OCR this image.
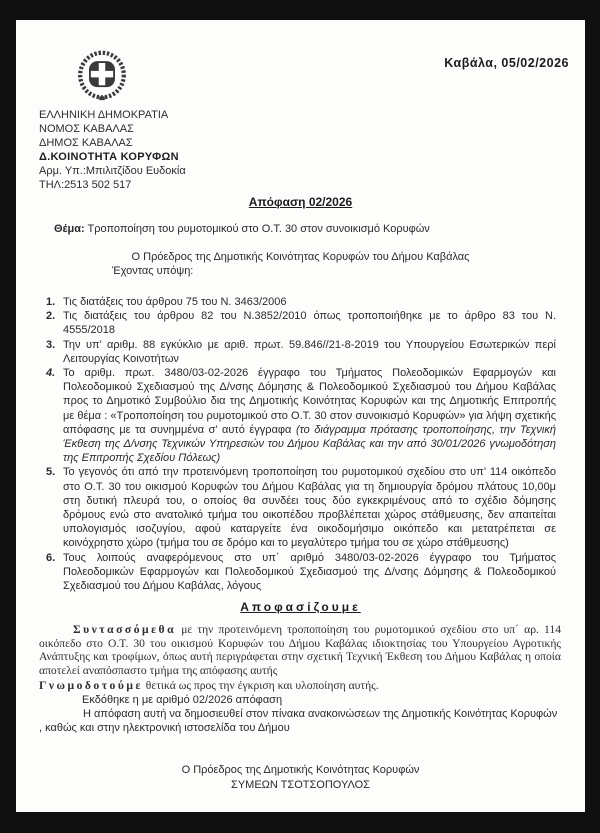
Καβάλα, 05/02/2026
ΕΛΛΗΝΙΚΗ ΔΗΜΟΚΡΑΤΙΑ
ΝΟΜΟΣ ΚΑΒΑΛΑΣ
ΔΗΜΟΣ ΚΑΒΑΛΑΣ
Δ.ΚΟΙΝΟΤΗΤΑ ΚΟΡΥΦΩΝ
Αρμ. Υπ.:Μπιλιτζίδου Ευδοκία
ΤΗΛ:2513 502 517
Απόφαση 02/2026
Θέμα: Τροποποίηση του ρυμοτομικού στο Ο.Τ. 30 στον συνοικισμό Κορυφών
Ο Πρόεδρος της Δημοτικής Κοινότητας Κορυφών του Δήμου Καβάλας
Έχοντας υπόψη:
1. Τις διατάξεις του άρθρου 75 του Ν. 3463/2006
2. Τις διατάξεις του άρθρου 82 του Ν.3852/2010 όπως τροποποιήθηκε με το άρθρο 83 του Ν. 4555/2018
3. Την υπ’ αριθμ. 88 εγκύκλιο με αριθ. πρωτ. 59.846//21-8-2019 του Υπουργείου Εσωτερικών περί Λειτουργίας Κοινοτήτων
4. Το αριθμ. πρωτ. 3480/03-02-2026 έγγραφο του Τμήματος Πολεοδομικών Εφαρμογών και Πολεοδομικού Σχεδιασμού της Δ/νσης Δόμησης & Πολεοδομικού Σχεδιασμού του Δήμου Καβάλας προς το Δημοτικό Συμβούλιο δια της Δημοτικής Κοινότητας Κορυφών και της Δημοτικής Επιτροπής με θέμα : «Τροποποίηση του ρυμοτομικού στο Ο.Τ. 30 στον συνοικισμό Κορυφών» για λήψη σχετικής απόφασης με τα συνημμένα σ’ αυτό έγγραφα (το διάγραμμα πρότασης τροποποίησης, την Τεχνική Έκθεση της Δ/νσης Τεχνικών Υπηρεσιών του Δήμου Καβάλας και την από 30/01/2026 γνωμοδότηση της Επιτροπής Σχεδίου Πόλεως)
5. Το γεγονός ότι από την προτεινόμενη τροποποίηση του ρυμοτομικού σχεδίου στο υπ’ 114 οικόπεδο στο Ο.Τ. 30 του οικισμού Κορυφών του Δήμου Καβάλας για τη δημιουργία δρόμου πλάτους 10,00μ στη δυτική πλευρά του, ο οποίος θα συνδέει τους δύο εγκεκριμένους από το σχέδιο δόμησης δρόμους ενώ στο ανατολικό τμήμα του οικοπέδου προβλέπεται χώρος στάθμευσης, δεν απαιτείται υπολογισμός ισοζυγίου, αφού καταργείτε ένα οικοδομήσιμο οικόπεδο και μετατρέπεται σε κοινόχρηστο χώρο (τμήμα του σε δρόμο και το μεγαλύτερο τμήμα του σε χώρο στάθμευσης)
6. Τους λοιπούς αναφερόμενους στο υπ΄ αριθμό 3480/03-02-2026 έγγραφο του Τμήματος Πολεοδομικών Εφαρμογών και Πολεοδομικού Σχεδιασμού της Δ/νσης Δόμησης & Πολεοδομικού Σχεδιασμού του Δήμου Καβάλας, λόγους
Αποφασίζουμε
Συντασσόμεθα με την προτεινόμενη τροποποίηση του ρυμοτομικού σχεδίου στο υπ΄ αρ. 114 οικόπεδο στο Ο.Τ. 30 του οικισμού Κορυφών του Δήμου Καβάλας ιδιοκτησίας του Υπουργείου Αγροτικής Ανάπτυξης και τροφίμων, όπως αυτή περιγράφεται στην σχετική Τεχνική Έκθεση του Δήμου Καβάλας η οποία αποτελεί αναπόσπαστο τμήμα της απόφασης αυτής
Γνωμοδοτούμε θετικά ως προς την έγκριση και υλοποίηση αυτής.
Εκδόθηκε η με αριθμό 02/2026 απόφαση
Η απόφαση αυτή να δημοσιευθεί στον πίνακα ανακοινώσεων της Δημοτικής Κοινότητας Κορυφών , καθώς και στην ηλεκτρονική ιστοσελίδα του Δήμου
Ο Πρόεδρος της Δημοτικής Κοινότητας Κορυφών
ΣΥΜΕΩΝ ΤΣΟΤΣΟΠΟΥΛΟΣ
